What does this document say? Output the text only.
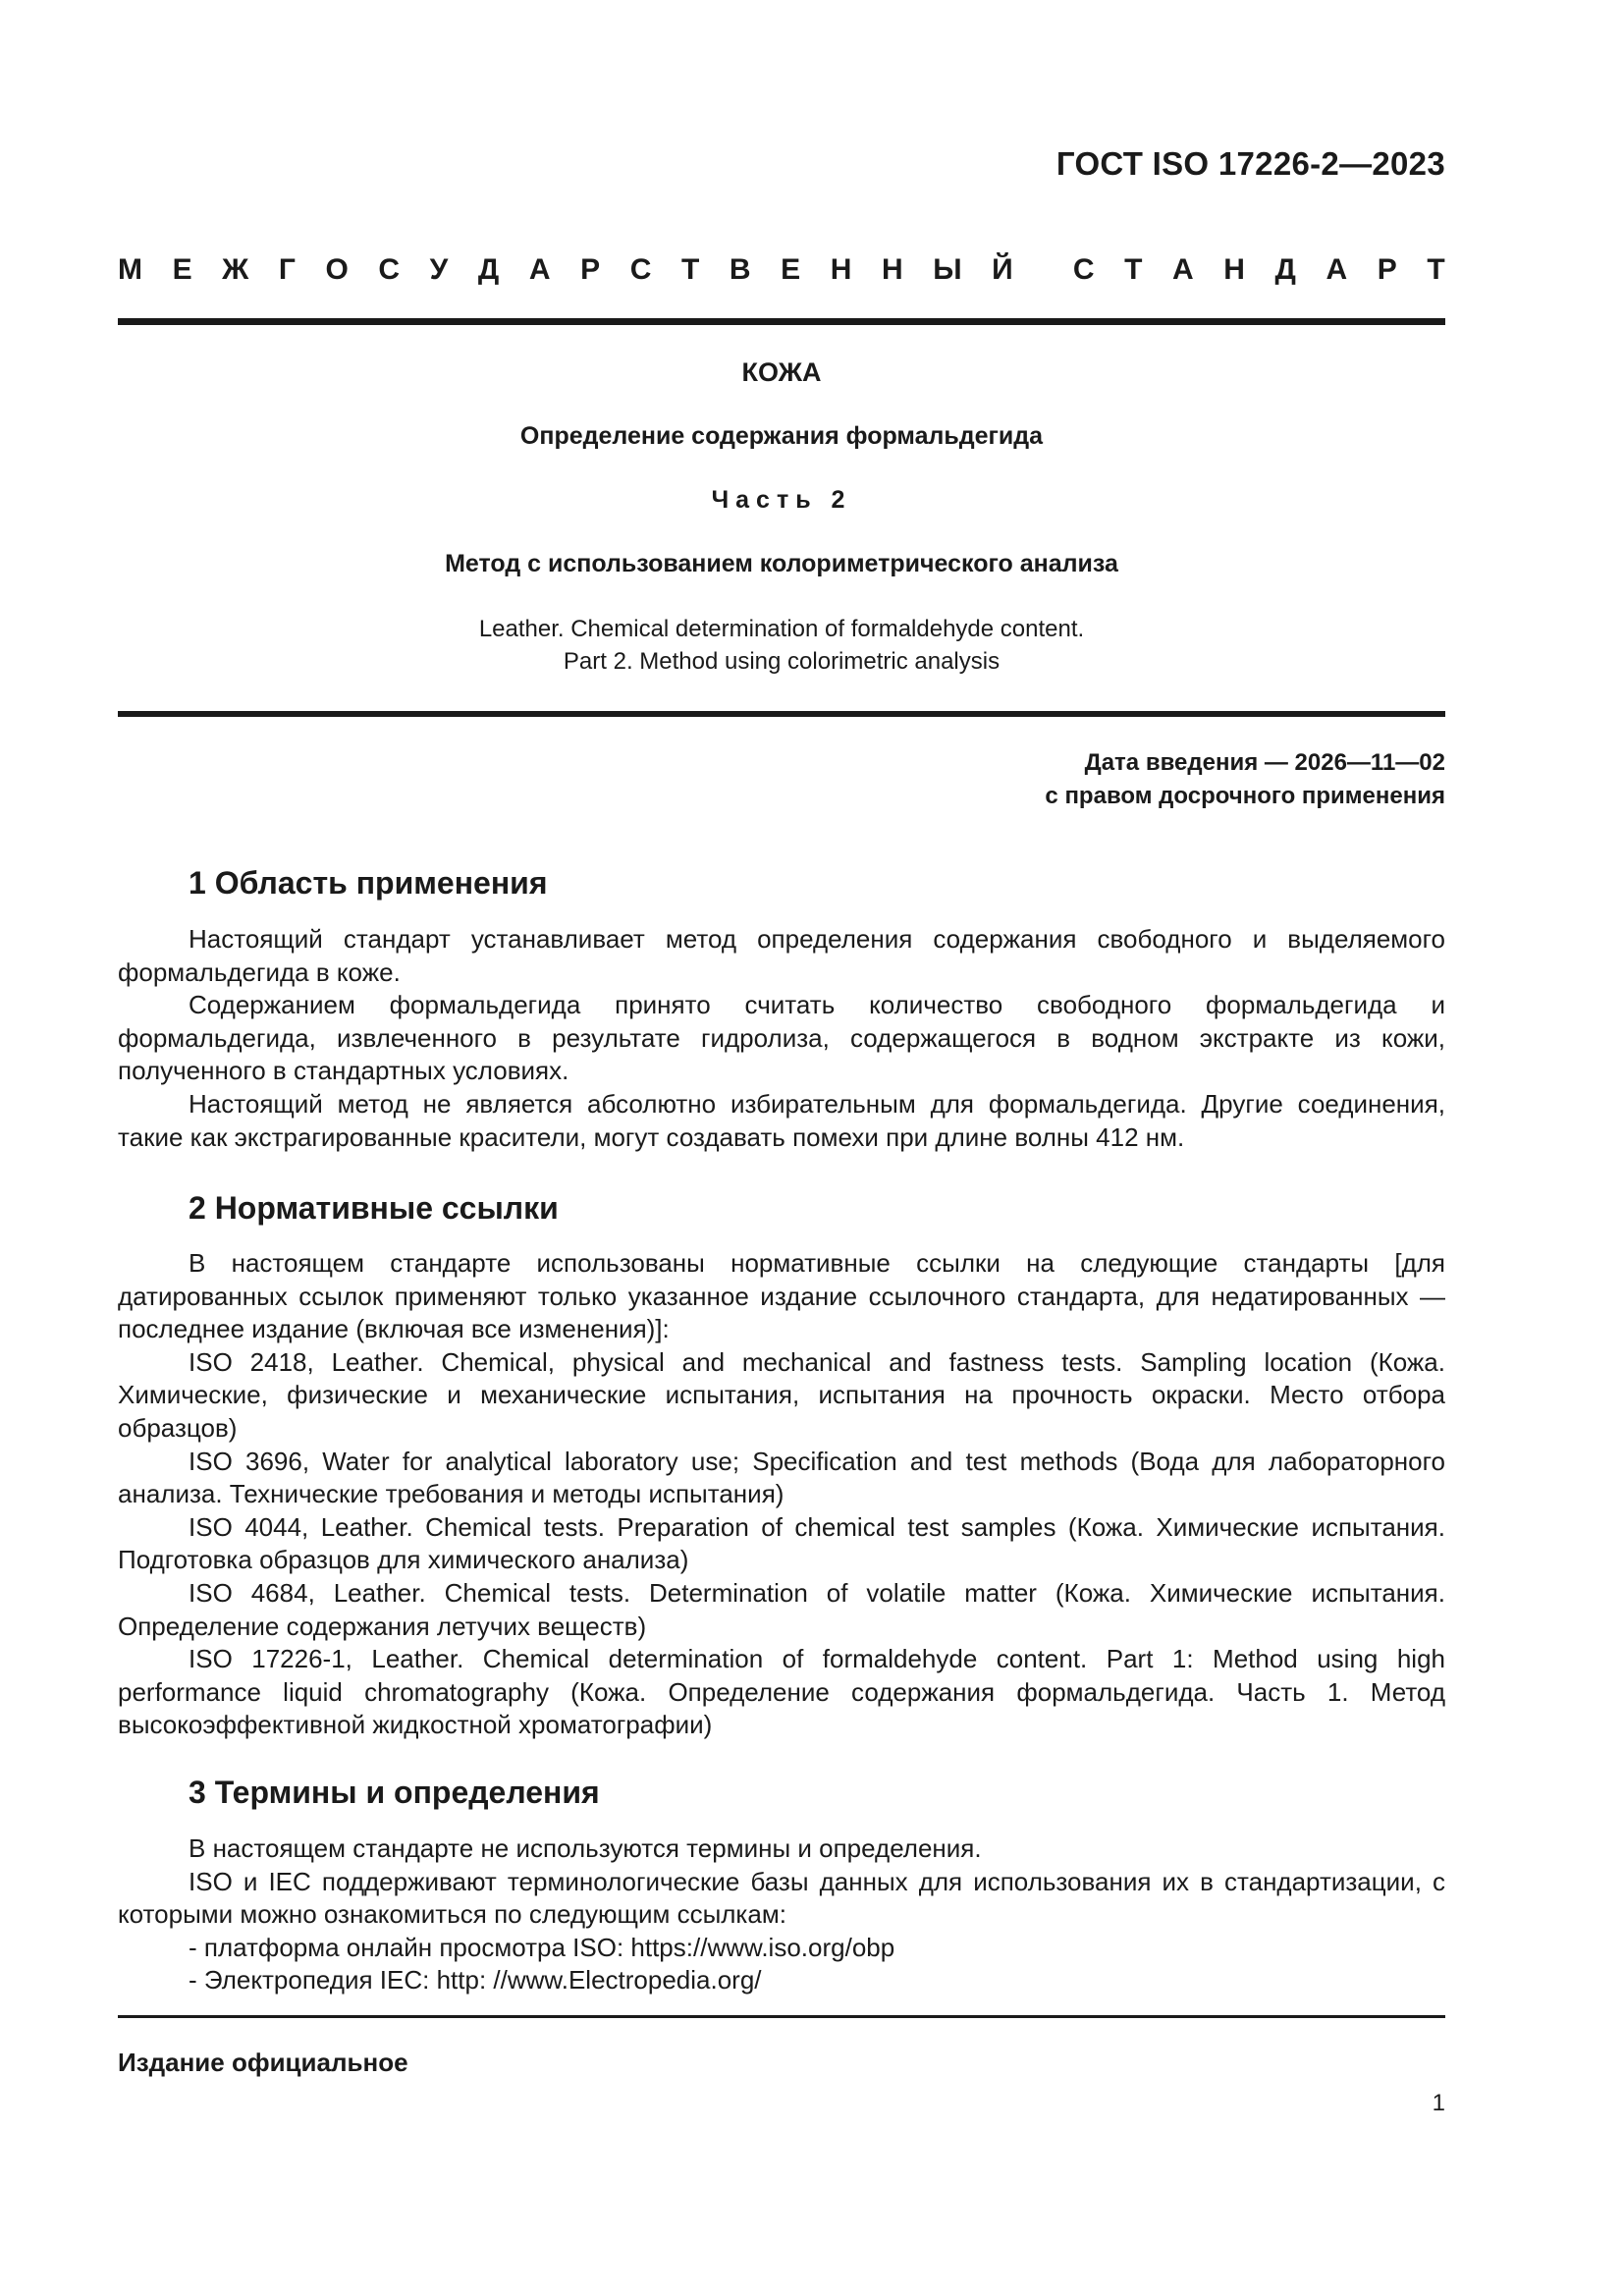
ГОСТ ISO 17226-2—2023
М Е Ж Г О С У Д А Р С Т В Е Н Н Ы Й С Т А Н Д А Р Т
КОЖА
Определение содержания формальдегида
Часть 2
Метод с использованием колориметрического анализа
Leather. Chemical determination of formaldehyde content.
Part 2. Method using colorimetric analysis
Дата введения — 2026—11—02
с правом досрочного применения
1 Область применения

Настоящий стандарт устанавливает метод определения содержания свободного и выделяемого формальдегида в коже.

Содержанием формальдегида принято считать количество свободного формальдегида и формальдегида, извлеченного в результате гидролиза, содержащегося в водном экстракте из кожи, полученного в стандартных условиях.

Настоящий метод не является абсолютно избирательным для формальдегида. Другие соединения, такие как экстрагированные красители, могут создавать помехи при длине волны 412 нм.

2 Нормативные ссылки

В настоящем стандарте использованы нормативные ссылки на следующие стандарты [для датированных ссылок применяют только указанное издание ссылочного стандарта, для недатированных — последнее издание (включая все изменения)]:

ISO 2418, Leather. Chemical, physical and mechanical and fastness tests. Sampling location (Кожа. Химические, физические и механические испытания, испытания на прочность окраски. Место отбора образцов)

ISO 3696, Water for analytical laboratory use; Specification and test methods (Вода для лабораторного анализа. Технические требования и методы испытания)

ISO 4044, Leather. Chemical tests. Preparation of chemical test samples (Кожа. Химические испытания. Подготовка образцов для химического анализа)

ISO 4684, Leather. Chemical tests. Determination of volatile matter (Кожа. Химические испытания. Определение содержания летучих веществ)

ISO 17226-1, Leather. Chemical determination of formaldehyde content. Part 1: Method using high performance liquid chromatography (Кожа. Определение содержания формальдегида. Часть 1. Метод высокоэффективной жидкостной хроматографии)

3 Термины и определения

В настоящем стандарте не используются термины и определения.

ISO и IEC поддерживают терминологические базы данных для использования их в стандартизации, с которыми можно ознакомиться по следующим ссылкам:

- платформа онлайн просмотра ISO: https://www.iso.org/obp
- Электропедия IEC: http: //www.Electropedia.org/
Издание официальное
1
